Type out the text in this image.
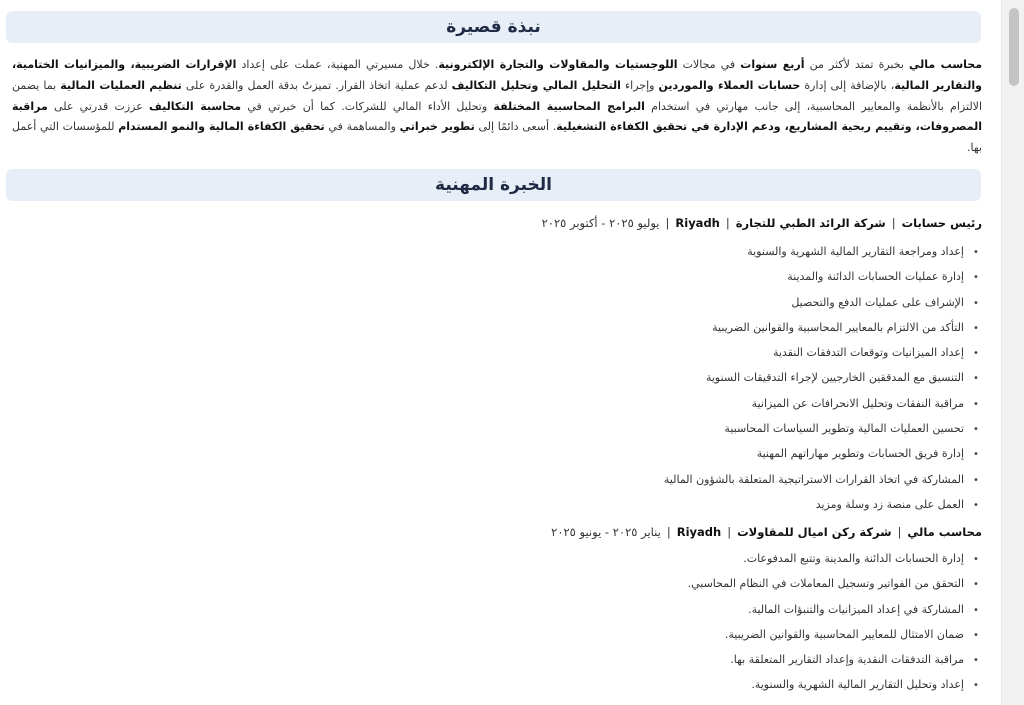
نبذة قصيرة
محاسب مالي بخبرة تمتد لأكثر من أربع سنوات في مجالات اللوجستيات والمقاولات والتجارة الإلكترونية. خلال مسيرتي المهنية، عملت على إعداد الإقرارات الضريبية، والميزانيات الختامية، والتقارير المالية، بالإضافة إلى إدارة حسابات العملاء والموردين وإجراء التحليل المالي وتحليل التكاليف لدعم عملية اتخاذ القرار. تميزتُ بدقة العمل والقدرة على تنظيم العمليات المالية بما يضمن الالتزام بالأنظمة والمعايير المحاسبية، إلى جانب مهارتي في استخدام البرامج المحاسبية المختلفة وتحليل الأداء المالي للشركات. كما أن خبرتي في محاسبة التكاليف عززت قدرتي على مراقبة المصروفات، وتقييم ربحية المشاريع، ودعم الإدارة في تحقيق الكفاءة التشغيلية. أسعى دائمًا إلى تطوير خبراتي والمساهمة في تحقيق الكفاءة المالية والنمو المستدام للمؤسسات التي أعمل بها.
الخبرة المهنية
رئيس حسابات|شركة الرائد الطبي للتجارة|Riyadh|يوليو ٢٠٢٥ - أكتوبر ٢٠٢٥
• إعداد ومراجعة التقارير المالية الشهرية والسنوية
• إدارة عمليات الحسابات الدائنة والمدينة
• الإشراف على عمليات الدفع والتحصيل
• التأكد من الالتزام بالمعايير المحاسبية والقوانين الضريبية
• إعداد الميزانيات وتوقعات التدفقات النقدية
• التنسيق مع المدققين الخارجيين لإجراء التدقيقات السنوية
• مراقبة النفقات وتحليل الانحرافات عن الميزانية
• تحسين العمليات المالية وتطوير السياسات المحاسبية
• إدارة فريق الحسابات وتطوير مهاراتهم المهنية
• المشاركة في اتخاذ القرارات الاستراتيجية المتعلقة بالشؤون المالية
• العمل على منصة زد وسلة ومزيد
محاسب مالي|شركة ركن اميال للمقاولات|Riyadh|يناير ٢٠٢٥ - يونيو ٢٠٢٥
• إدارة الحسابات الدائنة والمدينة وتتبع المدفوعات.
• التحقق من الفواتير وتسجيل المعاملات في النظام المحاسبي.
• المشاركة في إعداد الميزانيات والتنبؤات المالية.
• ضمان الامتثال للمعايير المحاسبية والقوانين الضريبية.
• مراقبة التدفقات النقدية وإعداد التقارير المتعلقة بها.
• إعداد وتحليل التقارير المالية الشهرية والسنوية.
